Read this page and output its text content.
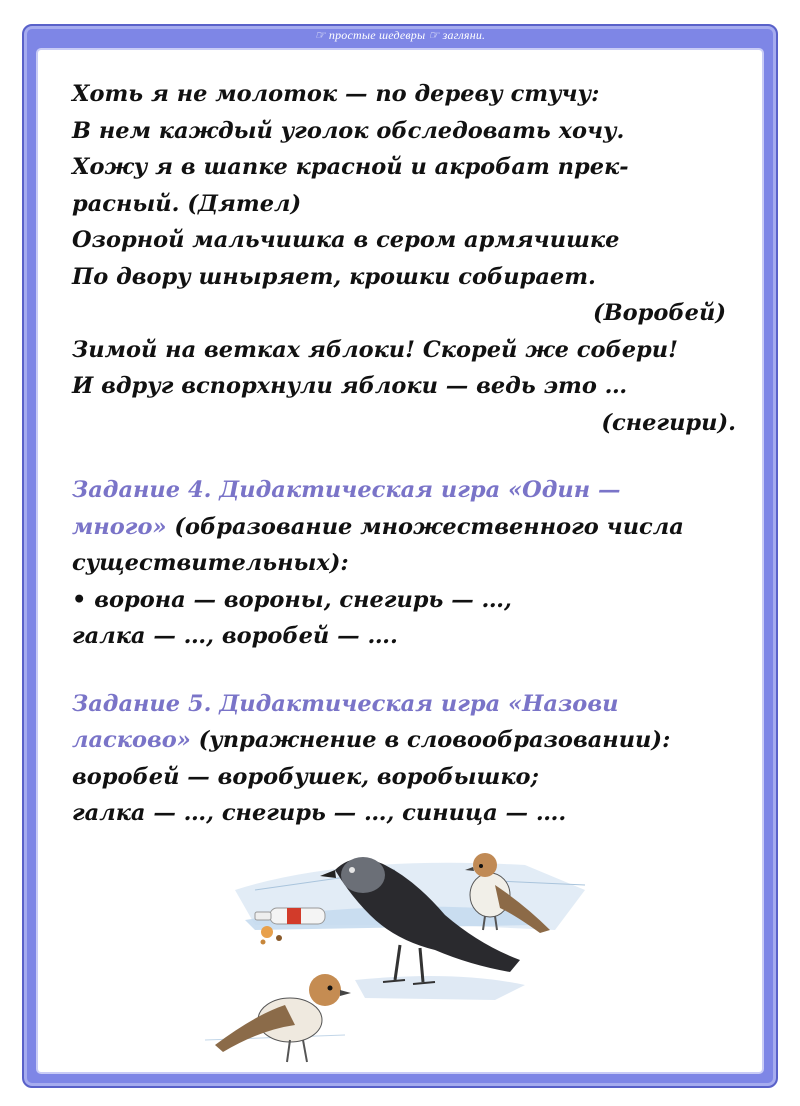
☞ простые шедевры ☞ загляни.
Хоть я не молоток — по дереву стучу:
В нем каждый уголок обследовать хочу.
Хожу я в шапке красной и акробат прек-
расный. (Дятел)
Озорной мальчишка в сером армячишке
По двору шныряет, крошки собирает.
(Воробей)
Зимой на ветках яблоки! Скорей же собери!
И вдруг вспорхнули яблоки — ведь это …
(снегири).
Задание 4. Дидактическая игра «Один —
много» (образование множественного числа
существительных):
• ворона — вороны, снегирь — …,
галка — …, воробей — ….
Задание 5. Дидактическая игра «Назови
ласково» (упражнение в словообразовании):
воробей — воробушек, воробышко;
галка — …, снегирь — …, синица — ….
